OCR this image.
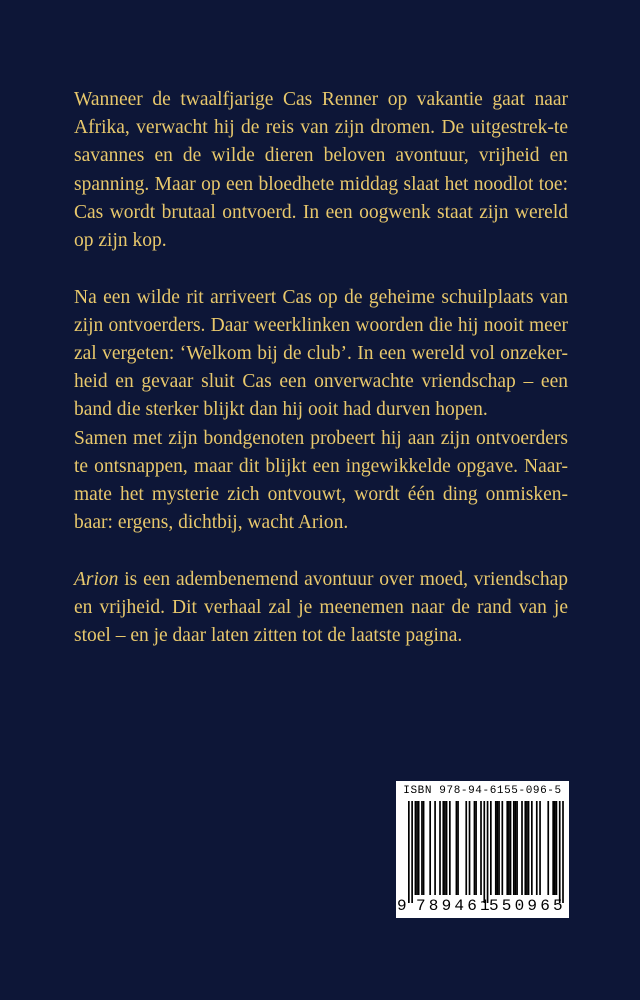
Wanneer de twaalfjarige Cas Renner op vakantie gaat naar Afrika, verwacht hij de reis van zijn dromen. De uitgestrek-te savannes en de wilde dieren beloven avontuur, vrijheid en spanning. Maar op een bloedhete middag slaat het noodlot toe: Cas wordt brutaal ontvoerd. In een oogwenk staat zijn wereld op zijn kop.

Na een wilde rit arriveert Cas op de geheime schuilplaats van zijn ontvoerders. Daar weerklinken woorden die hij nooit meer zal vergeten: ‘Welkom bij de club’. In een wereld vol onzeker-heid en gevaar sluit Cas een onverwachte vriendschap – een band die sterker blijkt dan hij ooit had durven hopen.

Samen met zijn bondgenoten probeert hij aan zijn ontvoerders te ontsnappen, maar dit blijkt een ingewikkelde opgave. Naar-mate het mysterie zich ontvouwt, wordt één ding onmisken-baar: ergens, dichtbij, wacht Arion.

Arion is een adembenemend avontuur over moed, vriendschap en vrijheid. Dit verhaal zal je meenemen naar de rand van je stoel – en je daar laten zitten tot de laatste pagina.

ISBN 978-94-6155-096-5
9 789461
550965
